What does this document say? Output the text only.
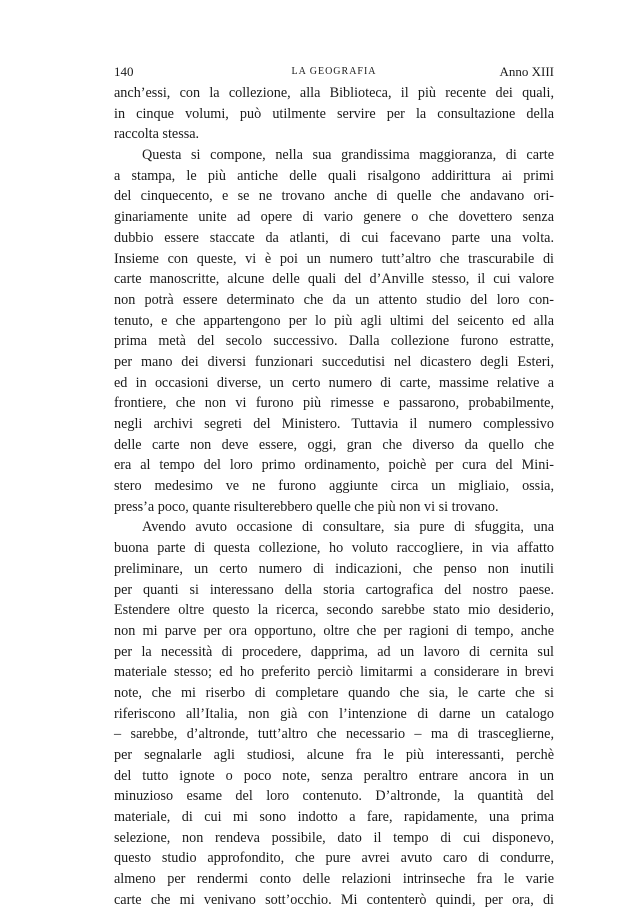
140	LA GEOGRAFIA	Anno XIII
anch’essi, con la collezione, alla Biblioteca, il più recente dei quali,
in cinque volumi, può utilmente servire per la consultazione della
raccolta stessa.
Questa si compone, nella sua grandissima maggioranza, di carte
a stampa, le più antiche delle quali risalgono addirittura ai primi
del cinquecento, e se ne trovano anche di quelle che andavano ori-
ginariamente unite ad opere di vario genere o che dovettero senza
dubbio essere staccate da atlanti, di cui facevano parte una volta.
Insieme con queste, vi è poi un numero tutt’altro che trascurabile di
carte manoscritte, alcune delle quali del d’Anville stesso, il cui valore
non potrà essere determinato che da un attento studio del loro con-
tenuto, e che appartengono per lo più agli ultimi del seicento ed alla
prima metà del secolo successivo. Dalla collezione furono estratte,
per mano dei diversi funzionari succedutisi nel dicastero degli Esteri,
ed in occasioni diverse, un certo numero di carte, massime relative a
frontiere, che non vi furono più rimesse e passarono, probabilmente,
negli archivi segreti del Ministero. Tuttavia il numero complessivo
delle carte non deve essere, oggi, gran che diverso da quello che
era al tempo del loro primo ordinamento, poichè per cura del Mini-
stero medesimo ve ne furono aggiunte circa un migliaio, ossia,
press’a poco, quante risulterebbero quelle che più non vi si trovano.
Avendo avuto occasione di consultare, sia pure di sfuggita, una
buona parte di questa collezione, ho voluto raccogliere, in via affatto
preliminare, un certo numero di indicazioni, che penso non inutili
per quanti si interessano della storia cartografica del nostro paese.
Estendere oltre questo la ricerca, secondo sarebbe stato mio desiderio,
non mi parve per ora opportuno, oltre che per ragioni di tempo, anche
per la necessità di procedere, dapprima, ad un lavoro di cernita sul
materiale stesso; ed ho preferito perciò limitarmi a considerare in brevi
note, che mi riserbo di completare quando che sia, le carte che si
riferiscono all’Italia, non già con l’intenzione di darne un catalogo
– sarebbe, d’altronde, tutt’altro che necessario – ma di trasceglierne,
per segnalarle agli studiosi, alcune fra le più interessanti, perchè
del tutto ignote o poco note, senza peraltro entrare ancora in un
minuzioso esame del loro contenuto. D’altronde, la quantità del
materiale, di cui mi sono indotto a fare, rapidamente, una prima
selezione, non rendeva possibile, dato il tempo di cui disponevo,
questo studio approfondito, che pure avrei avuto caro di condurre,
almeno per rendermi conto delle relazioni intrinseche fra le varie
carte che mi venivano sott’occhio. Mi contenterò quindi, per ora, di
